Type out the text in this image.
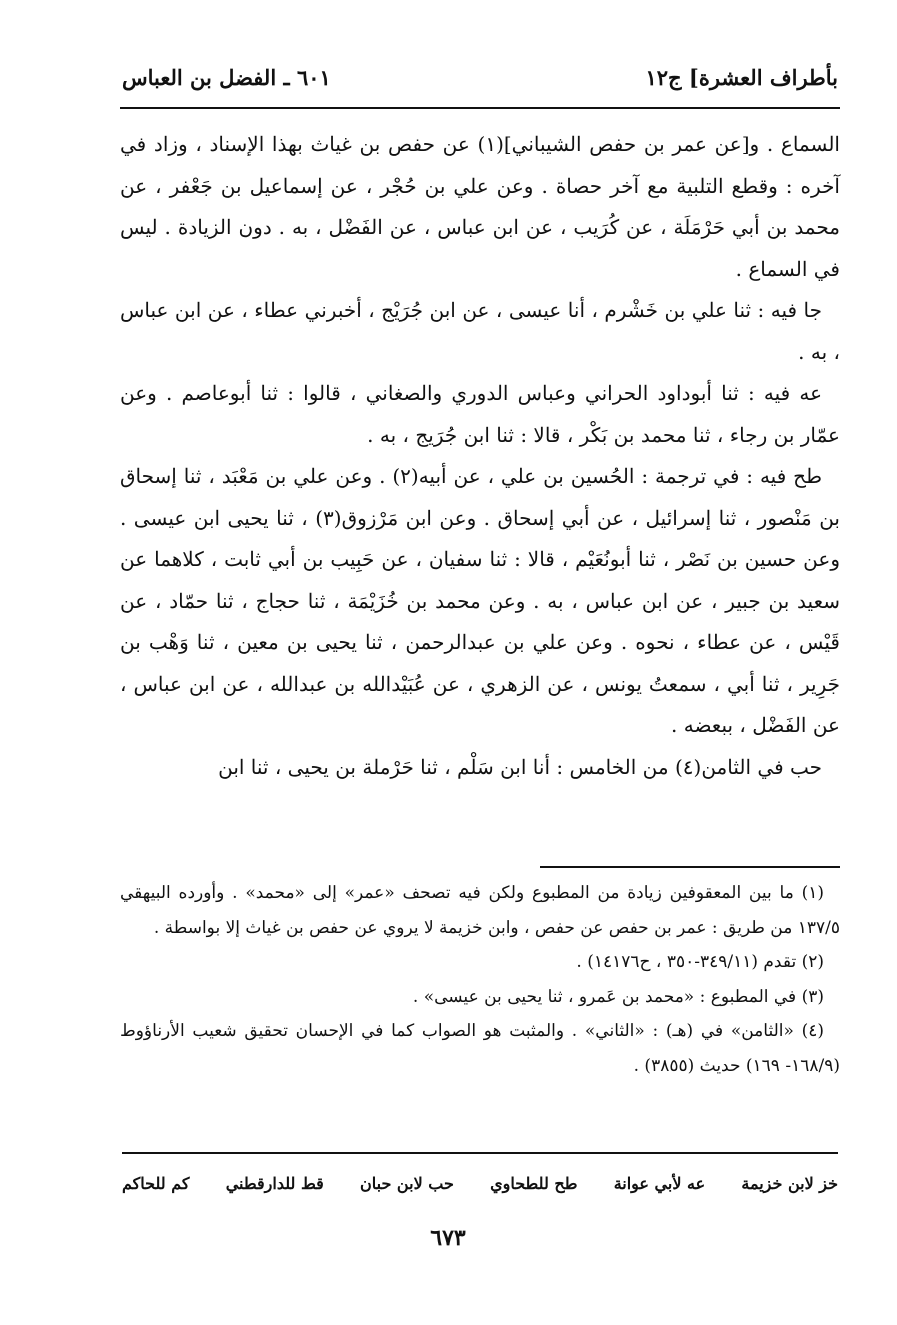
بأطراف العشرة] ج١٢
٦٠١ ـ الفضل بن العباس

السماع . و[عن عمر بن حفص الشيباني](١) عن حفص بن غياث بهذا الإسناد ، وزاد في آخره : وقطع التلبية مع آخر حصاة . وعن علي بن حُجْر ، عن إسماعيل بن جَعْفر ، عن محمد بن أبي حَرْمَلَة ، عن كُرَيب ، عن ابن عباس ، عن الفَضْل ، به . دون الزيادة . ليس في السماع .

جا فيه : ثنا علي بن خَشْرم ، أنا عيسى ، عن ابن جُرَيْج ، أخبرني عطاء ، عن ابن عباس ، به .

عه فيه : ثنا أبوداود الحراني وعباس الدوري والصغاني ، قالوا : ثنا أبوعاصم . وعن عمّار بن رجاء ، ثنا محمد بن بَكْر ، قالا : ثنا ابن جُرَيج ، به .

طح فيه : في ترجمة : الحُسين بن علي ، عن أبيه(٢) . وعن علي بن مَعْبَد ، ثنا إسحاق بن مَنْصور ، ثنا إسرائيل ، عن أبي إسحاق . وعن ابن مَرْزوق(٣) ، ثنا يحيى ابن عيسى . وعن حسين بن نَصْر ، ثنا أبونُعَيْم ، قالا : ثنا سفيان ، عن حَبِيب بن أبي ثابت ، كلاهما عن سعيد بن جبير ، عن ابن عباس ، به . وعن محمد بن خُزَيْمَة ، ثنا حجاج ، ثنا حمّاد ، عن قَيْس ، عن عطاء ، نحوه . وعن علي بن عبدالرحمن ، ثنا يحيى بن معين ، ثنا وَهْب بن جَرِير ، ثنا أبي ، سمعتُ يونس ، عن الزهري ، عن عُبَيْدالله بن عبدالله ، عن ابن عباس ، عن الفَضْل ، ببعضه .

حب في الثامن(٤) من الخامس : أنا ابن سَلْم ، ثنا حَرْملة بن يحيى ، ثنا ابن

(١) ما بين المعقوفين زيادة من المطبوع ولكن فيه تصحف «عمر» إلى «محمد» . وأورده البيهقي ١٣٧/٥ من طريق : عمر بن حفص عن حفص ، وابن خزيمة لا يروي عن حفص بن غياث إلا بواسطة .

(٢) تقدم (٣٤٩/١١-٣٥٠ ، ح١٤١٧٦) .

(٣) في المطبوع : «محمد بن عَمرو ، ثنا يحيى بن عيسى» .

(٤) «الثامن» في (هـ) : «الثاني» . والمثبت هو الصواب كما في الإحسان تحقيق شعيب الأرناؤوط (١٦٨/٩- ١٦٩) حديث (٣٨٥٥) .

خز لابن خزيمة
عه لأبي عوانة
طح للطحاوي
حب لابن حبان
قط للدارقطني
كم للحاكم
٦٧٣
